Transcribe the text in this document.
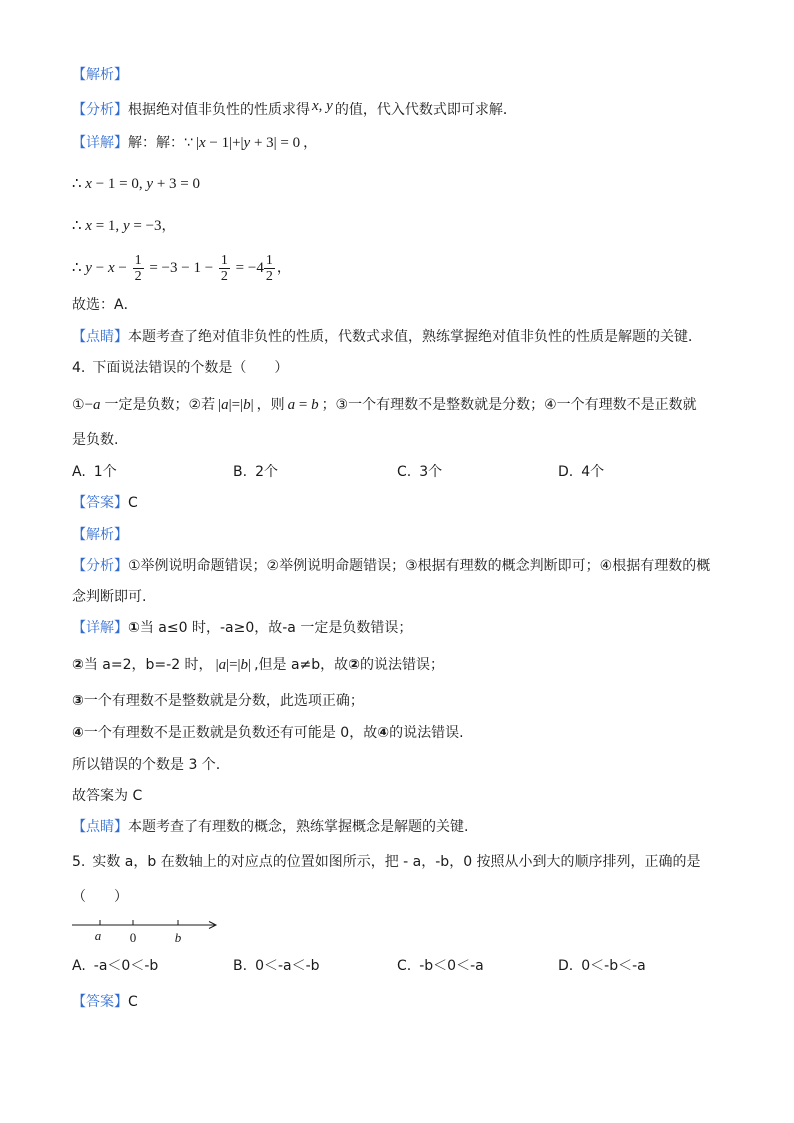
【解析】
【分析】根据绝对值非负性的性质求得 x, y 的值，代入代数式即可求解．
【详解】解：解：∵ |x − 1|+|y + 3| = 0 ，
∴ x − 1 = 0, y + 3 = 0
∴ x = 1, y = −3，
∴ $y - x - \frac{1}{2} = -3 - 1 - \frac{1}{2} = -4 \frac{1}{2}$ ，
故选：A．
【点睛】本题考查了绝对值非负性的性质，代数式求值，熟练掌握绝对值非负性的性质是解题的关键．
4. 下面说法错误的个数是（　　）
①−a 一定是负数；②若 |a|=|b| ，则 a = b ；③一个有理数不是整数就是分数；④一个有理数不是正数就
是负数.
A. 1个	B. 2个	C. 3个	D. 4个
【答案】C
【解析】
【分析】①举例说明命题错误；②举例说明命题错误；③根据有理数的概念判断即可；④根据有理数的概
念判断即可.
【详解】①当 a≤0 时，-a≥0，故-a 一定是负数错误；
②当 a=2，b=-2 时， |a|=|b| ,但是 a≠b，故②的说法错误；
③一个有理数不是整数就是分数，此选项正确；
④一个有理数不是正数就是负数还有可能是 0，故④的说法错误.
所以错误的个数是 3 个.
故答案为 C
【点睛】本题考查了有理数的概念，熟练掌握概念是解题的关键.
5. 实数 a，b 在数轴上的对应点的位置如图所示，把 - a，-b，0 按照从小到大的顺序排列，正确的是
（　　）
a 0	b
A. -a＜0＜-b	B. 0＜-a＜-b	C. -b＜0＜-a	D. 0＜-b＜-a
【答案】C
